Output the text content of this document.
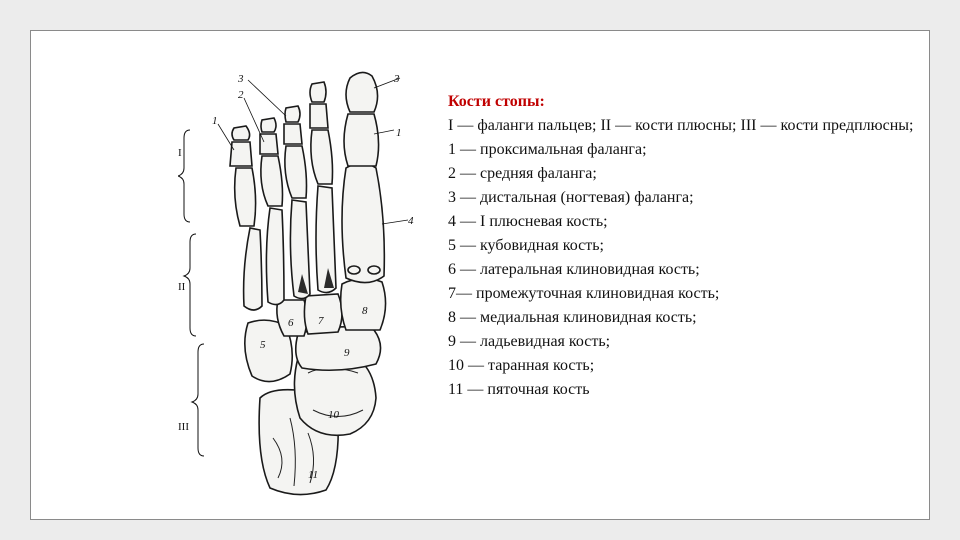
I
II
III
1
2
3	3
1
4
5
6 7
8
9
10
11
Кости стопы:
I — фаланги пальцев; II — кости плюсны; III — кости предплюсны;
1 — проксимальная фаланга;
2 — средняя фаланга;
3 — дистальная (ногтевая) фаланга;
4 — I плюсневая кость;
5 — кубовидная кость;
6 — латеральная клиновидная кость;
7— промежуточная клиновидная кость;
8 — медиальная клиновидная кость;
9 — ладьевидная кость;
10 — таранная кость;
11 — пяточная кость
